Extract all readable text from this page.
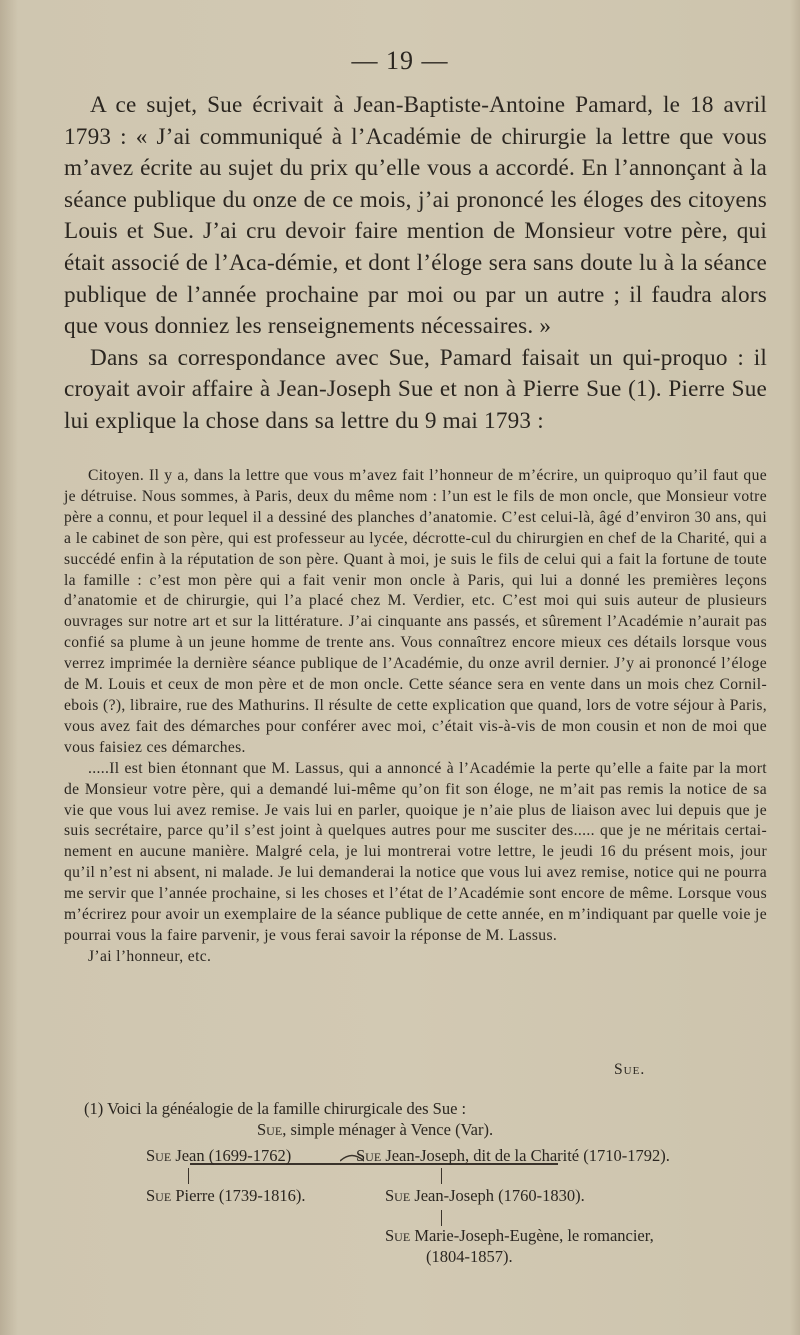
— 19 —

A ce sujet, Sue écrivait à Jean-Baptiste-Antoine Pamard, le 18 avril 1793 : « J’ai communiqué à l’Académie de chirurgie la lettre que vous m’avez écrite au sujet du prix qu’elle vous a accordé. En l’annonçant à la séance publique du onze de ce mois, j’ai prononcé les éloges des citoyens Louis et Sue. J’ai cru devoir faire mention de Monsieur votre père, qui était associé de l’Aca-démie, et dont l’éloge sera sans doute lu à la séance publique de l’année prochaine par moi ou par un autre ; il faudra alors que vous donniez les renseignements nécessaires. »

Dans sa correspondance avec Sue, Pamard faisait un qui-proquo : il croyait avoir affaire à Jean-Joseph Sue et non à Pierre Sue (1). Pierre Sue lui explique la chose dans sa lettre du 9 mai 1793 :

Citoyen. Il y a, dans la lettre que vous m’avez fait l’honneur de m’écrire, un quiproquo qu’il faut que je détruise. Nous sommes, à Paris, deux du même nom : l’un est le fils de mon oncle, que Monsieur votre père a connu, et pour lequel il a dessiné des planches d’anatomie. C’est celui-là, âgé d’environ 30 ans, qui a le cabinet de son père, qui est professeur au lycée, décrotte-cul du chirurgien en chef de la Charité, qui a succédé enfin à la réputation de son père. Quant à moi, je suis le fils de celui qui a fait la fortune de toute la famille : c’est mon père qui a fait venir mon oncle à Paris, qui lui a donné les premières leçons d’anatomie et de chirurgie, qui l’a placé chez M. Verdier, etc. C’est moi qui suis auteur de plusieurs ouvrages sur notre art et sur la littérature. J’ai cinquante ans passés, et sûrement l’Académie n’aurait pas confié sa plume à un jeune homme de trente ans. Vous connaîtrez encore mieux ces détails lorsque vous verrez imprimée la dernière séance publique de l’Académie, du onze avril dernier. J’y ai prononcé l’éloge de M. Louis et ceux de mon père et de mon oncle. Cette séance sera en vente dans un mois chez Cornil-ebois (?), libraire, rue des Mathurins. Il résulte de cette explication que quand, lors de votre séjour à Paris, vous avez fait des démarches pour conférer avec moi, c’était vis-à-vis de mon cousin et non de moi que vous faisiez ces démarches.

.....Il est bien étonnant que M. Lassus, qui a annoncé à l’Académie la perte qu’elle a faite par la mort de Monsieur votre père, qui a demandé lui-même qu’on fit son éloge, ne m’ait pas remis la notice de sa vie que vous lui avez remise. Je vais lui en parler, quoique je n’aie plus de liaison avec lui depuis que je suis secrétaire, parce qu’il s’est joint à quelques autres pour me susciter des..... que je ne méritais certai-nement en aucune manière. Malgré cela, je lui montrerai votre lettre, le jeudi 16 du présent mois, jour qu’il n’est ni absent, ni malade. Je lui demanderai la notice que vous lui avez remise, notice qui ne pourra me servir que l’année prochaine, si les choses et l’état de l’Académie sont encore de même. Lorsque vous m’écrirez pour avoir un exemplaire de la séance publique de cette année, en m’indiquant par quelle voie je pourrai vous la faire parvenir, je vous ferai savoir la réponse de M. Lassus.

J’ai l’honneur, etc.

Sue.
(1) Voici la généalogie de la famille chirurgicale des Sue :
Sue, simple ménager à Vence (Var).
Sue Jean (1699-1762)	Sue Jean-Joseph, dit de la Charité (1710-1792).
Sue Pierre (1739-1816).	Sue Jean-Joseph (1760-1830).
Sue Marie-Joseph-Eugène, le romancier,
(1804-1857).
